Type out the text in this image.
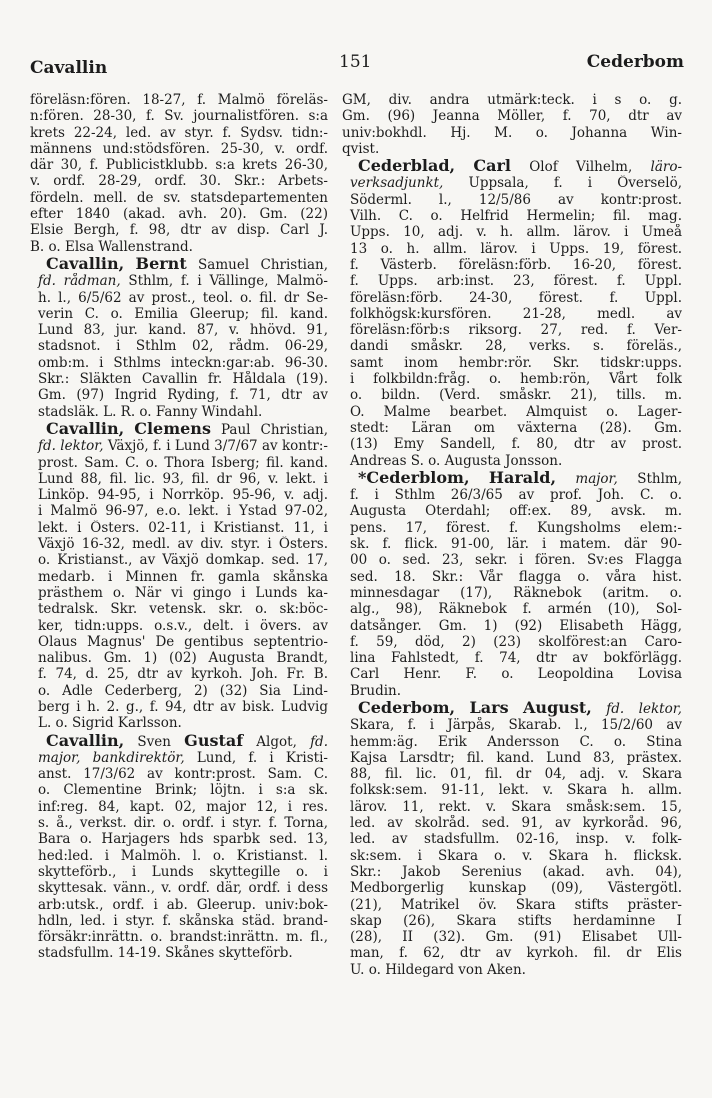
Cavallin	151	Cederbom
föreläsn:fören. 18-27, f. Malmö föreläs-
n:fören. 28-30, f. Sv. journalistfören. s:a
krets 22-24, led. av styr. f. Sydsv. tidn:-
männens und:stödsfören. 25-30, v. ordf.
där 30, f. Publicistklubb. s:a krets 26-30,
v. ordf. 28-29, ordf. 30. Skr.: Arbets-
fördeln. mell. de sv. statsdepartementen
efter 1840 (akad. avh. 20). Gm. (22)
Elsie Bergh, f. 98, dtr av disp. Carl J.
B. o. Elsa Wallenstrand.
Cavallin, Bernt Samuel Christian,
fd. rådman, Sthlm, f. i Vällinge, Malmö-
h. l., 6/5/62 av prost., teol. o. fil. dr Se-
verin C. o. Emilia Gleerup; fil. kand.
Lund 83, jur. kand. 87, v. hhövd. 91,
stadsnot. i Sthlm 02, rådm. 06-29,
omb:m. i Sthlms inteckn:gar:ab. 96-30.
Skr.: Släkten Cavallin fr. Håldala (19).
Gm. (97) Ingrid Ryding, f. 71, dtr av
stadsläk. L. R. o. Fanny Windahl.
Cavallin, Clemens Paul Christian,
fd. lektor, Växjö, f. i Lund 3/7/67 av kontr:-
prost. Sam. C. o. Thora Isberg; fil. kand.
Lund 88, fil. lic. 93, fil. dr 96, v. lekt. i
Linköp. 94-95, i Norrköp. 95-96, v. adj.
i Malmö 96-97, e.o. lekt. i Ystad 97-02,
lekt. i Östers. 02-11, i Kristianst. 11, i
Växjö 16-32, medl. av div. styr. i Östers.
o. Kristianst., av Växjö domkap. sed. 17,
medarb. i Minnen fr. gamla skånska
prästhem o. När vi gingo i Lunds ka-
tedralsk. Skr. vetensk. skr. o. sk:böc-
ker, tidn:upps. o.s.v., delt. i övers. av
Olaus Magnus' De gentibus septentrio-
nalibus. Gm. 1) (02) Augusta Brandt,
f. 74, d. 25, dtr av kyrkoh. Joh. Fr. B.
o. Adle Cederberg, 2) (32) Sia Lind-
berg i h. 2. g., f. 94, dtr av bisk. Ludvig
L. o. Sigrid Karlsson.
Cavallin, Sven Gustaf Algot, fd.
major, bankdirektör, Lund, f. i Kristi-
anst. 17/3/62 av kontr:prost. Sam. C.
o. Clementine Brink; löjtn. i s:a sk.
inf:reg. 84, kapt. 02, major 12, i res.
s. å., verkst. dir. o. ordf. i styr. f. Torna,
Bara o. Harjagers hds sparbk sed. 13,
hed:led. i Malmöh. l. o. Kristianst. l.
skytteförb., i Lunds skyttegille o. i
skyttesak. vänn., v. ordf. där, ordf. i dess
arb:utsk., ordf. i ab. Gleerup. univ:bok-
hdln, led. i styr. f. skånska städ. brand-
försäkr:inrättn. o. brandst:inrättn. m. fl.,
stadsfullm. 14-19. Skånes skytteförb.
GM, div. andra utmärk:teck. i s o. g.
Gm. (96) Jeanna Möller, f. 70, dtr av
univ:bokhdl. Hj. M. o. Johanna Win-
qvist.
Cederblad, Carl Olof Vilhelm, läro-
verksadjunkt, Uppsala, f. i Överselö,
Söderml. l., 12/5/86 av kontr:prost.
Vilh. C. o. Helfrid Hermelin; fil. mag.
Upps. 10, adj. v. h. allm. lärov. i Umeå
13 o. h. allm. lärov. i Upps. 19, förest.
f. Västerb. föreläsn:förb. 16-20, förest.
f. Upps. arb:inst. 23, förest. f. Uppl.
föreläsn:förb. 24-30, förest. f. Uppl.
folkhögsk:kursfören. 21-28, medl. av
föreläsn:förb:s riksorg. 27, red. f. Ver-
dandi småskr. 28, verks. s. föreläs.,
samt inom hembr:rör. Skr. tidskr:upps.
i folkbildn:fråg. o. hemb:rön, Vårt folk
o. bildn. (Verd. småskr. 21), tills. m.
O. Malme bearbet. Almquist o. Lager-
stedt: Läran om växterna (28). Gm.
(13) Emy Sandell, f. 80, dtr av prost.
Andreas S. o. Augusta Jonsson.
*Cederblom, Harald, major, Sthlm,
f. i Sthlm 26/3/65 av prof. Joh. C. o.
Augusta Oterdahl; off:ex. 89, avsk. m.
pens. 17, förest. f. Kungsholms elem:-
sk. f. flick. 91-00, lär. i matem. där 90-
00 o. sed. 23, sekr. i fören. Sv:es Flagga
sed. 18. Skr.: Vår flagga o. våra hist.
minnesdagar (17), Räknebok (aritm. o.
alg., 98), Räknebok f. armén (10), Sol-
datsånger. Gm. 1) (92) Elisabeth Hägg,
f. 59, död, 2) (23) skolförest:an Caro-
lina Fahlstedt, f. 74, dtr av bokförlägg.
Carl Henr. F. o. Leopoldina Lovisa
Brudin.
Cederbom, Lars August, fd. lektor,
Skara, f. i Järpås, Skarab. l., 15/2/60 av
hemm:äg. Erik Andersson C. o. Stina
Kajsa Larsdtr; fil. kand. Lund 83, prästex.
88, fil. lic. 01, fil. dr 04, adj. v. Skara
folksk:sem. 91-11, lekt. v. Skara h. allm.
lärov. 11, rekt. v. Skara småsk:sem. 15,
led. av skolråd. sed. 91, av kyrkoråd. 96,
led. av stadsfullm. 02-16, insp. v. folk-
sk:sem. i Skara o. v. Skara h. flicksk.
Skr.: Jakob Serenius (akad. avh. 04),
Medborgerlig kunskap (09), Västergötl.
(21), Matrikel öv. Skara stifts präster-
skap (26), Skara stifts herdaminne I
(28), II (32). Gm. (91) Elisabet Ull-
man, f. 62, dtr av kyrkoh. fil. dr Elis
U. o. Hildegard von Aken.
